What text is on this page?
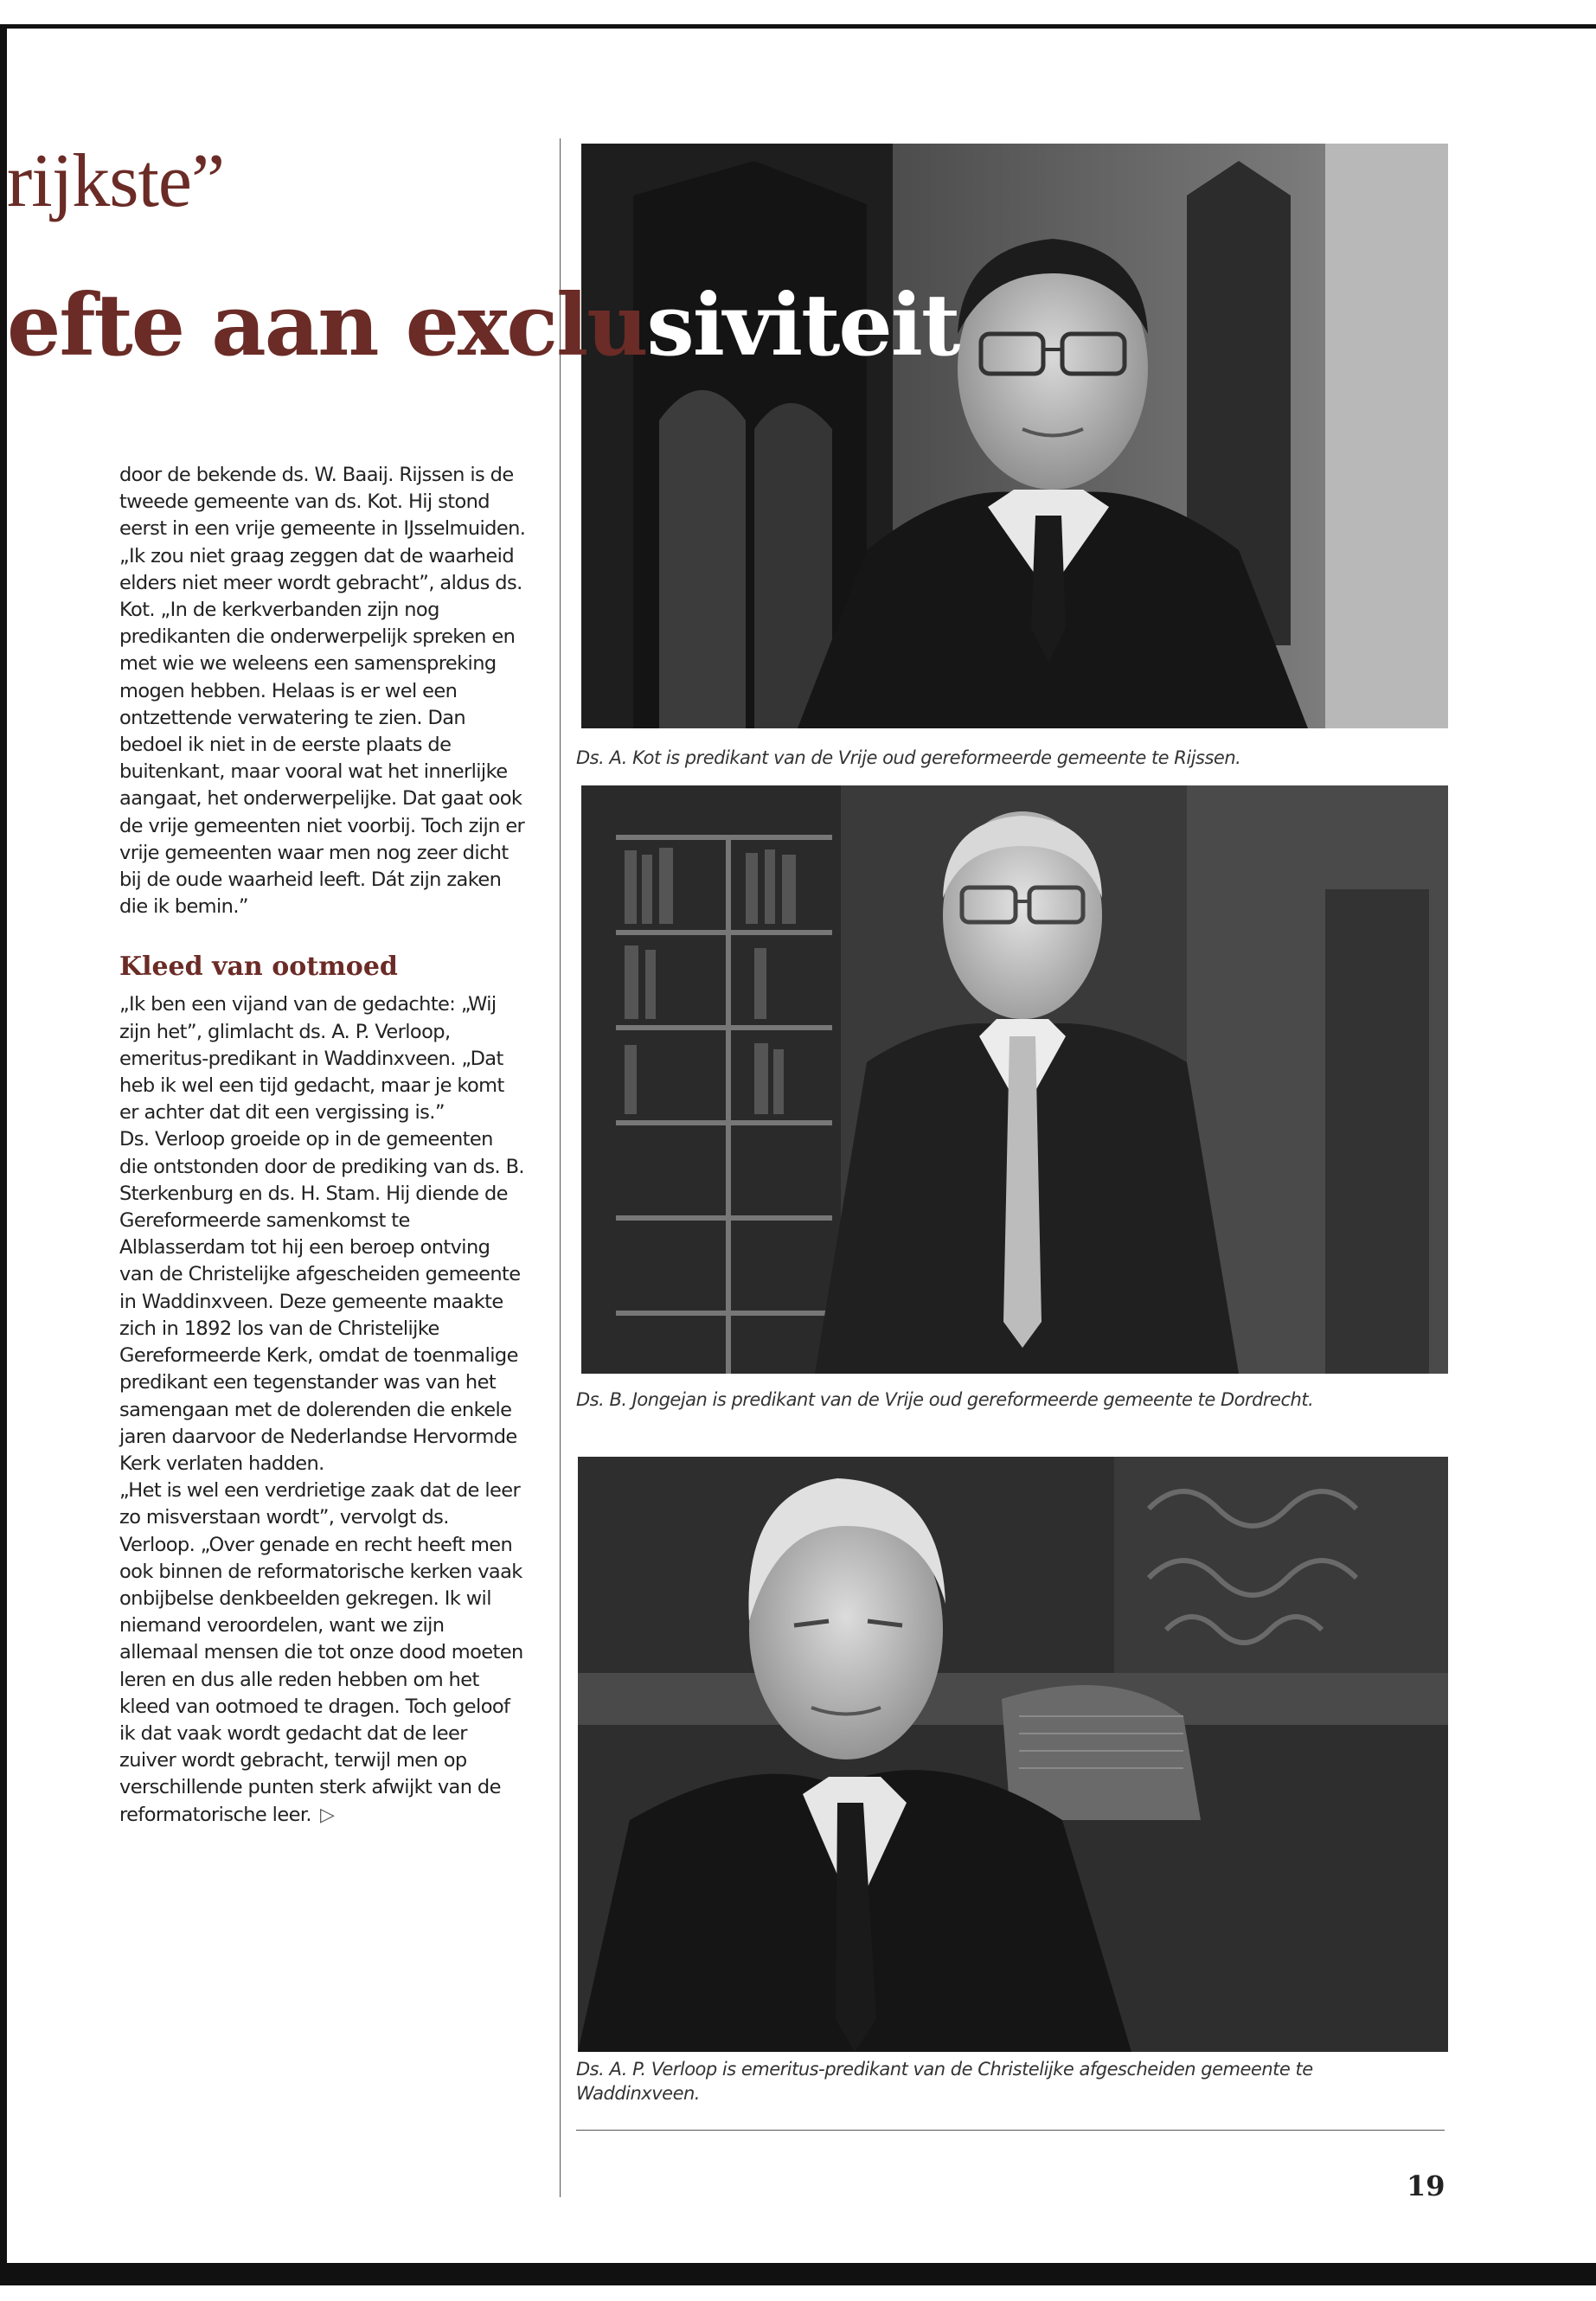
rijkste”
efte aan exclusiviteit
Ds. A. Kot is predikant van de Vrije oud gereformeerde gemeente te Rijssen.
Ds. B. Jongejan is predikant van de Vrije oud gereformeerde gemeente te Dordrecht.
Ds. A. P. Verloop is emeritus-predikant van de Christelijke afgescheiden gemeente te Waddinxveen.

door de bekende ds. W. Baaij. Rijssen is de tweede gemeente van ds. Kot. Hij stond eerst in een vrije gemeente in IJsselmuiden.

„Ik zou niet graag zeggen dat de waarheid elders niet meer wordt gebracht”, aldus ds. Kot. „In de kerkverbanden zijn nog predikanten die onderwerpelijk spreken en met wie we weleens een samenspreking mogen hebben. Helaas is er wel een ontzettende verwatering te zien. Dan bedoel ik niet in de eerste plaats de buitenkant, maar vooral wat het innerlijke aangaat, het onderwerpelijke. Dat gaat ook de vrije gemeenten niet voorbij. Toch zijn er vrije gemeenten waar men nog zeer dicht bij de oude waarheid leeft. Dát zijn zaken die ik bemin.”

Kleed van ootmoed

„Ik ben een vijand van de gedachte: „Wij zijn het”, glimlacht ds. A. P. Verloop, emeritus-predikant in Waddinxveen. „Dat heb ik wel een tijd gedacht, maar je komt er achter dat dit een vergissing is.”

Ds. Verloop groeide op in de gemeenten die ontstonden door de prediking van ds. B. Sterkenburg en ds. H. Stam. Hij diende de Gereformeerde samenkomst te Alblasserdam tot hij een beroep ontving van de Christelijke afgescheiden gemeente in Waddinxveen. Deze gemeente maakte zich in 1892 los van de Christelijke Gereformeerde Kerk, omdat de toenmalige predikant een tegenstander was van het samengaan met de dolerenden die enkele jaren daarvoor de Nederlandse Hervormde Kerk verlaten hadden.

„Het is wel een verdrietige zaak dat de leer zo misverstaan wordt”, vervolgt ds. Verloop. „Over genade en recht heeft men ook binnen de reformatorische kerken vaak onbijbelse denkbeelden gekregen. Ik wil niemand veroordelen, want we zijn allemaal mensen die tot onze dood moeten leren en dus alle reden hebben om het kleed van ootmoed te dragen. Toch geloof ik dat vaak wordt gedacht dat de leer zuiver wordt gebracht, terwijl men op verschillende punten sterk afwijkt van de reformatorische leer. ▷

19
